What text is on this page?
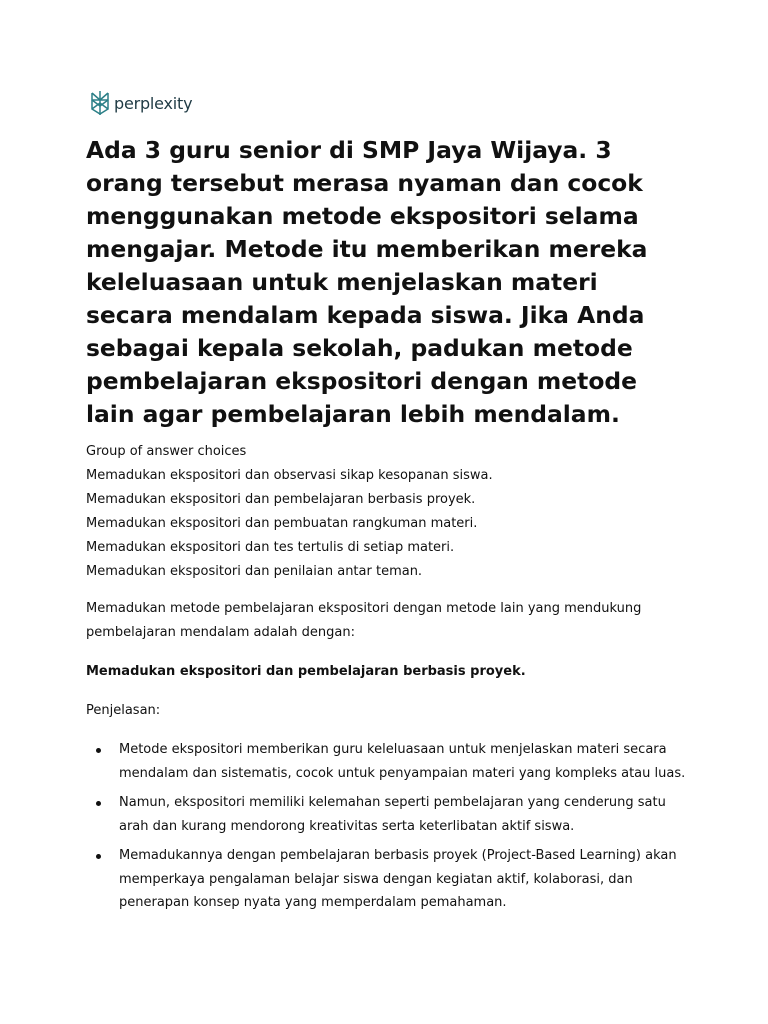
perplexity
Ada 3 guru senior di SMP Jaya Wijaya. 3 orang tersebut merasa nyaman dan cocok menggunakan metode ekspositori selama mengajar. Metode itu memberikan mereka keleluasaan untuk menjelaskan materi secara mendalam kepada siswa. Jika Anda sebagai kepala sekolah, padukan metode pembelajaran ekspositori dengan metode lain agar pembelajaran lebih mendalam.
Group of answer choices
Memadukan ekspositori dan observasi sikap kesopanan siswa.
Memadukan ekspositori dan pembelajaran berbasis proyek.
Memadukan ekspositori dan pembuatan rangkuman materi.
Memadukan ekspositori dan tes tertulis di setiap materi.
Memadukan ekspositori dan penilaian antar teman.

Memadukan metode pembelajaran ekspositori dengan metode lain yang mendukung pembelajaran mendalam adalah dengan:

Memadukan ekspositori dan pembelajaran berbasis proyek.

Penjelasan:

Metode ekspositori memberikan guru keleluasaan untuk menjelaskan materi secara mendalam dan sistematis, cocok untuk penyampaian materi yang kompleks atau luas.
Namun, ekspositori memiliki kelemahan seperti pembelajaran yang cenderung satu arah dan kurang mendorong kreativitas serta keterlibatan aktif siswa.
Memadukannya dengan pembelajaran berbasis proyek (Project-Based Learning) akan memperkaya pengalaman belajar siswa dengan kegiatan aktif, kolaborasi, dan penerapan konsep nyata yang memperdalam pemahaman.
